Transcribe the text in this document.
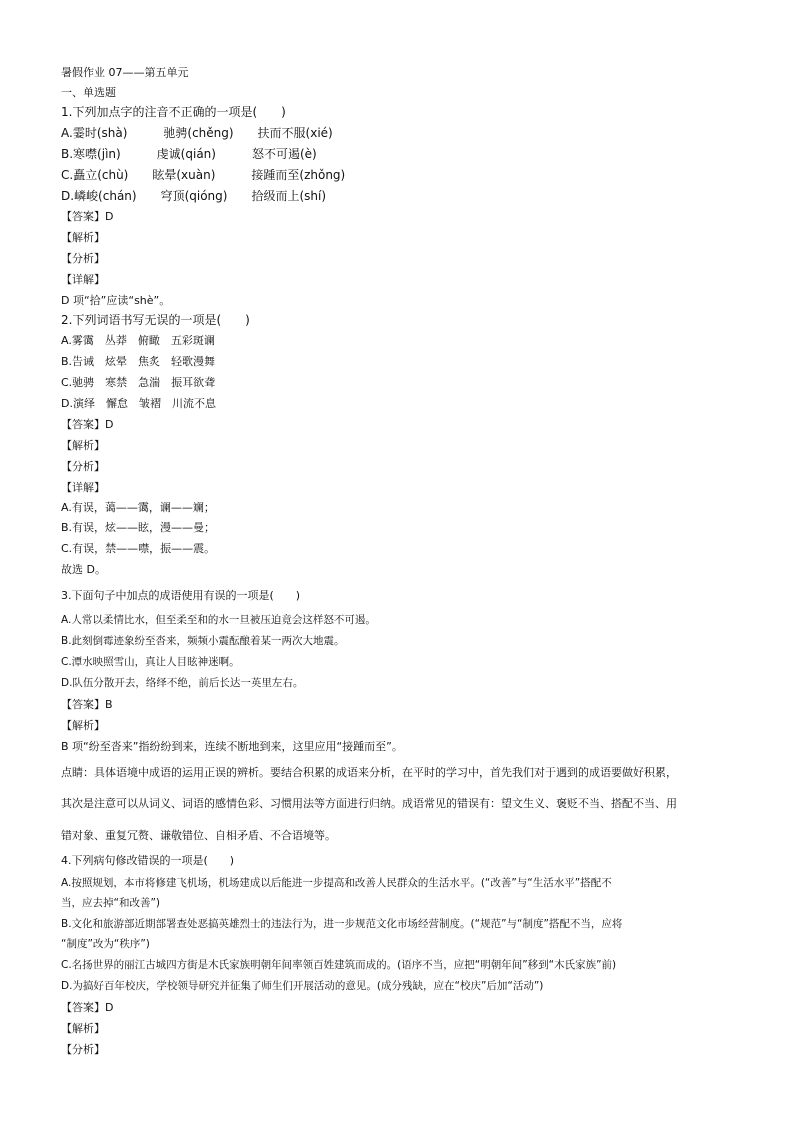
暑假作业 07——第五单元
一、单选题
1.下列加点字的注音不正确的一项是(　　)
A.霎时(shà)　　　驰骋(chěng)　　扶而不服(xié)
B.寒噤(jìn)　　　虔诚(qián)　　　怒不可遏(è)
C.矗立(chù)　　眩晕(xuàn)　　　接踵而至(zhǒng)
D.嶙峻(chán)　　穹顶(qióng)　　拾级而上(shí)
【答案】D
【解析】
【分析】
【详解】
D 项“拾”应读“shè”。
2.下列词语书写无误的一项是(　　)
A.雾霭　丛莽　俯瞰　五彩斑谰
B.告诫　炫晕　焦炙　轻歌漫舞
C.驰骋　寒禁　急湍　振耳欲聋
D.演绎　懈怠　皱褶　川流不息
【答案】D
【解析】
【分析】
【详解】
A.有误，蔼——霭，谰——斓；
B.有误，炫——眩，漫——曼；
C.有误，禁——噤，振——震。
故选 D。
3.下面句子中加点的成语使用有误的一项是(　　)
A.人常以柔情比水，但至柔至和的水一旦被压迫竟会这样怒不可遏。
B.此刻倒霉迹象纷至沓来，频频小震酝酿着某一两次大地震。
C.潭水映照雪山，真让人目眩神迷啊。
D.队伍分散开去，络绎不绝，前后长达一英里左右。
【答案】B
【解析】
B 项“纷至沓来”指纷纷到来，连续不断地到来，这里应用“接踵而至”。
点睛：具体语境中成语的运用正误的辨析。要结合积累的成语来分析，在平时的学习中，首先我们对于遇到的成语要做好积累，
其次是注意可以从词义、词语的感情色彩、习惯用法等方面进行归纳。成语常见的错误有：望文生义、褒贬不当、搭配不当、用
错对象、重复冗赘、谦敬错位、自相矛盾、不合语境等。
4.下列病句修改错误的一项是(　　)
A.按照规划，本市将修建飞机场，机场建成以后能进一步提高和改善人民群众的生活水平。(“改善”与“生活水平”搭配不
当，应去掉“和改善”)
B.文化和旅游部近期部署查处恶搞英雄烈士的违法行为，进一步规范文化市场经营制度。(“规范”与“制度”搭配不当，应将
“制度”改为“秩序”)
C.名扬世界的丽江古城四方街是木氏家族明朝年间率领百姓建筑而成的。(语序不当，应把“明朝年间”移到“木氏家族”前)
D.为搞好百年校庆，学校领导研究并征集了师生们开展活动的意见。(成分残缺，应在“校庆”后加“活动”)
【答案】D
【解析】
【分析】
